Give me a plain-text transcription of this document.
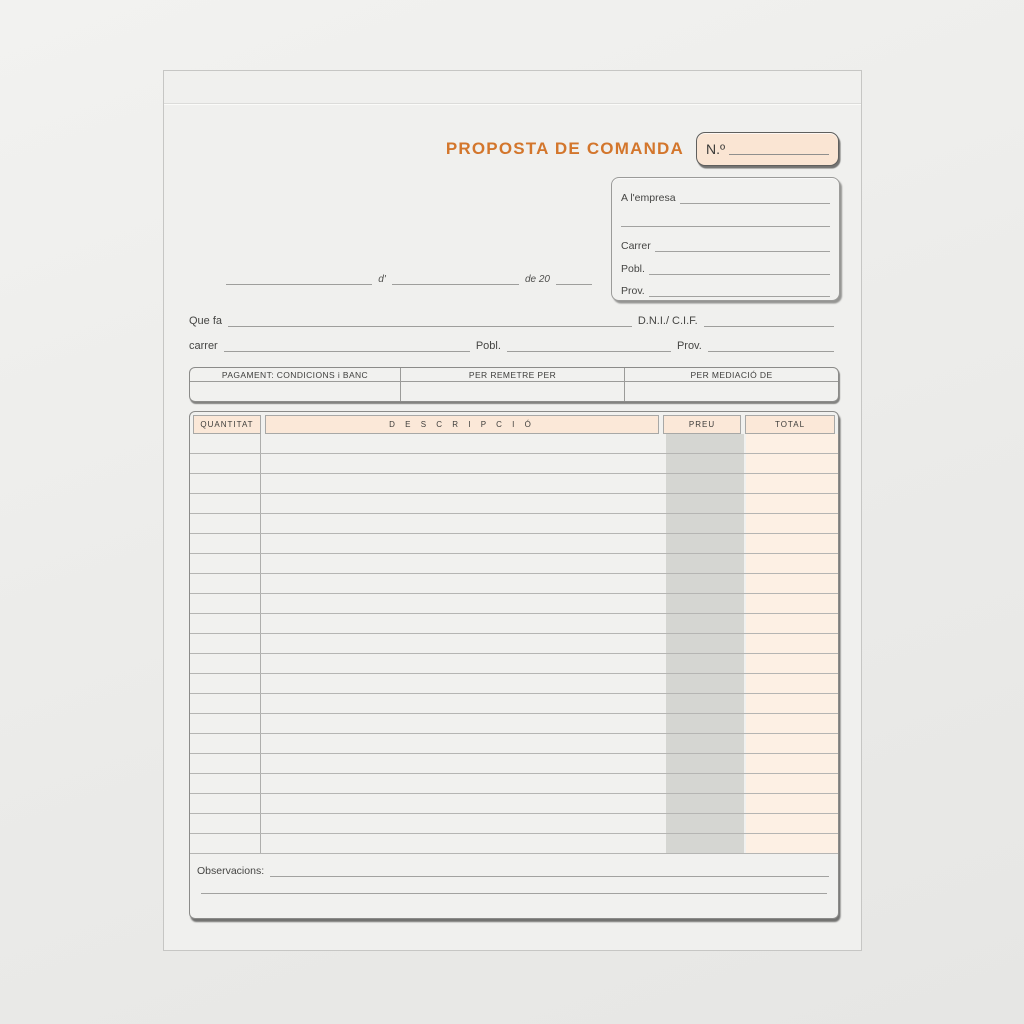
PROPOSTA DE COMANDA N.º
A l'empresa
Carrer
Pobl.
Prov.
d'	de 20
Que fa	D.N.I./ C.I.F.
carrer	Pobl.	Prov.
PAGAMENT: CONDICIONS i BANC	PER REMETRE PER	PER MEDIACIÓ DE
QUANTITAT	D E S C R I P C I Ó	PREU	TOTAL
Observacions:
